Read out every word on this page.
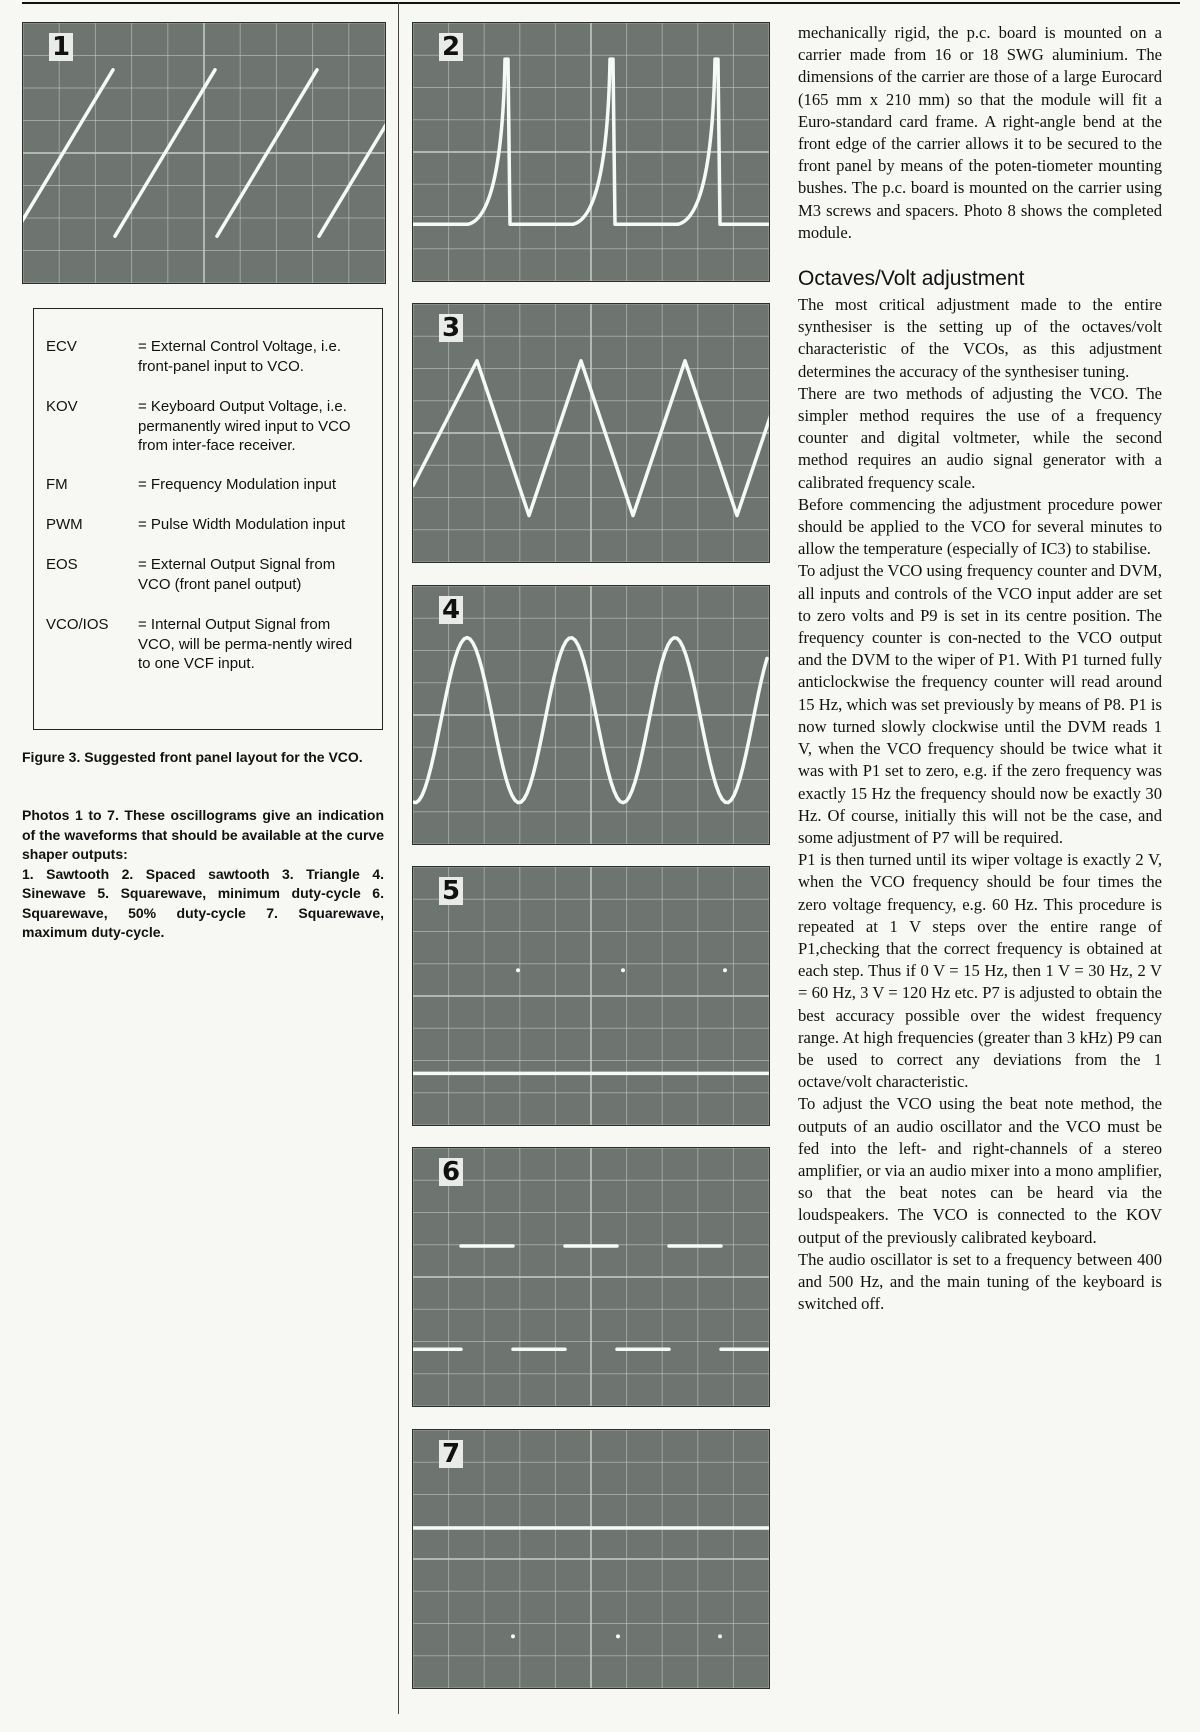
1	2
3
4
5
6
7
ECV	= External Control Voltage, i.e. front-panel input to VCO.
KOV	= Keyboard Output Voltage, i.e. permanently wired input to VCO from inter-face receiver.
FM	= Frequency Modulation input
PWM	= Pulse Width Modulation input
EOS	= External Output Signal from VCO (front panel output)
VCO/IOS = Internal Output Signal from VCO, will be perma-nently wired to one VCF input.
Figure 3. Suggested front panel layout for the VCO.
Photos 1 to 7. These oscillograms give an indication of the waveforms that should be available at the curve shaper outputs:
1. Sawtooth 2. Spaced sawtooth 3. Triangle 4. Sinewave 5. Squarewave, minimum duty-cycle 6. Squarewave, 50% duty-cycle 7. Squarewave, maximum duty-cycle.

mechanically rigid, the p.c. board is mounted on a carrier made from 16 or 18 SWG aluminium. The dimensions of the carrier are those of a large Eurocard (165 mm x 210 mm) so that the module will fit a Euro-standard card frame. A right-angle bend at the front edge of the carrier allows it to be secured to the front panel by means of the poten-tiometer mounting bushes. The p.c. board is mounted on the carrier using M3 screws and spacers. Photo 8 shows the completed module.

Octaves/Volt adjustment

The most critical adjustment made to the entire synthesiser is the setting up of the octaves/volt characteristic of the VCOs, as this adjustment determines the accuracy of the synthesiser tuning.

There are two methods of adjusting the VCO. The simpler method requires the use of a frequency counter and digital voltmeter, while the second method requires an audio signal generator with a calibrated frequency scale.

Before commencing the adjustment procedure power should be applied to the VCO for several minutes to allow the temperature (especially of IC3) to stabilise.

To adjust the VCO using frequency counter and DVM, all inputs and controls of the VCO input adder are set to zero volts and P9 is set in its centre position. The frequency counter is con-nected to the VCO output and the DVM to the wiper of P1. With P1 turned fully anticlockwise the frequency counter will read around 15 Hz, which was set previously by means of P8. P1 is now turned slowly clockwise until the DVM reads 1 V, when the VCO frequency should be twice what it was with P1 set to zero, e.g. if the zero frequency was exactly 15 Hz the frequency should now be exactly 30 Hz. Of course, initially this will not be the case, and some adjustment of P7 will be required.

P1 is then turned until its wiper voltage is exactly 2 V, when the VCO frequency should be four times the zero voltage frequency, e.g. 60 Hz. This procedure is repeated at 1 V steps over the entire range of P1,checking that the correct frequency is obtained at each step. Thus if 0 V = 15 Hz, then 1 V = 30 Hz, 2 V = 60 Hz, 3 V = 120 Hz etc. P7 is adjusted to obtain the best accuracy possible over the widest frequency range. At high frequencies (greater than 3 kHz) P9 can be used to correct any deviations from the 1 octave/volt characteristic.

To adjust the VCO using the beat note method, the outputs of an audio oscillator and the VCO must be fed into the left- and right-channels of a stereo amplifier, or via an audio mixer into a mono amplifier, so that the beat notes can be heard via the loudspeakers. The VCO is connected to the KOV output of the previously calibrated keyboard.

The audio oscillator is set to a frequency between 400 and 500 Hz, and the main tuning of the keyboard is switched off.
